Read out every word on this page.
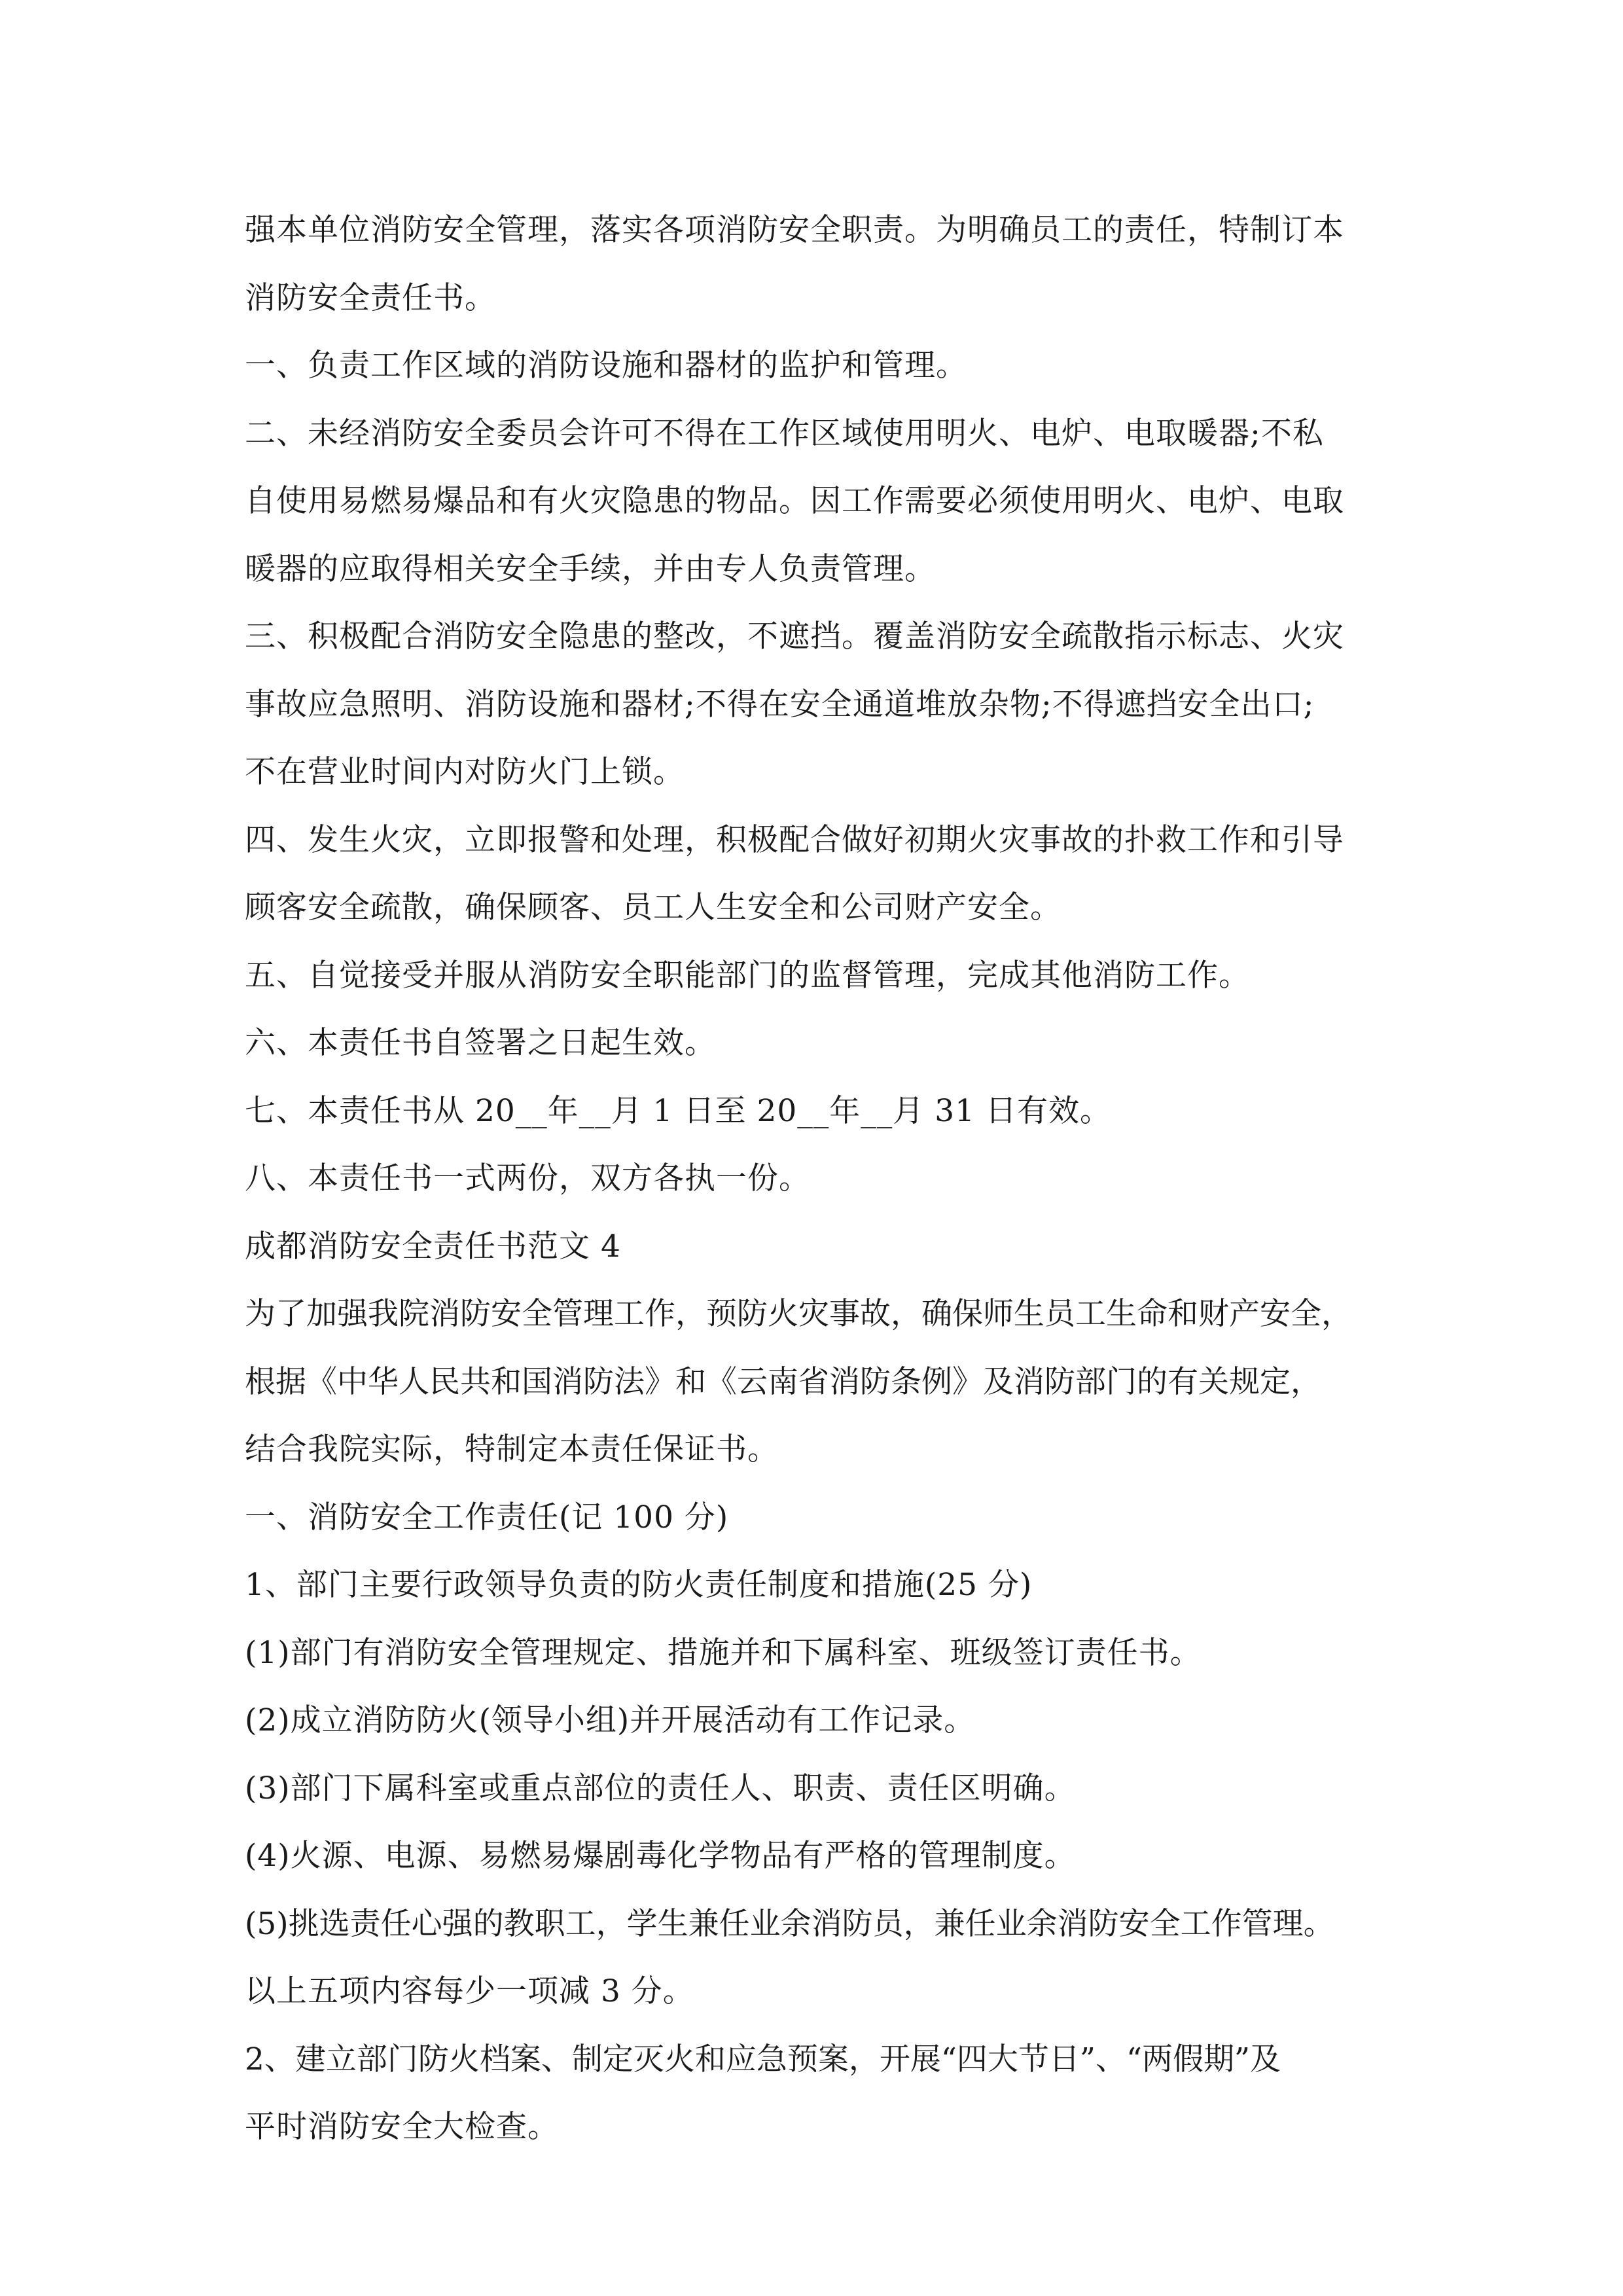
强本单位消防安全管理，落实各项消防安全职责。为明确员工的责任，特制订本
消防安全责任书。
一、负责工作区域的消防设施和器材的监护和管理。
二、未经消防安全委员会许可不得在工作区域使用明火、电炉、电取暖器;不私
自使用易燃易爆品和有火灾隐患的物品。因工作需要必须使用明火、电炉、电取
暖器的应取得相关安全手续，并由专人负责管理。
三、积极配合消防安全隐患的整改，不遮挡。覆盖消防安全疏散指示标志、火灾
事故应急照明、消防设施和器材;不得在安全通道堆放杂物;不得遮挡安全出口;
不在营业时间内对防火门上锁。
四、发生火灾，立即报警和处理，积极配合做好初期火灾事故的扑救工作和引导
顾客安全疏散，确保顾客、员工人生安全和公司财产安全。
五、自觉接受并服从消防安全职能部门的监督管理，完成其他消防工作。
六、本责任书自签署之日起生效。
七、本责任书从 20__年__月 1 日至 20__年__月 31 日有效。
八、本责任书一式两份，双方各执一份。
成都消防安全责任书范文 4
为了加强我院消防安全管理工作，预防火灾事故，确保师生员工生命和财产安全，
根据《中华人民共和国消防法》和《云南省消防条例》及消防部门的有关规定，
结合我院实际，特制定本责任保证书。
一、消防安全工作责任(记 100 分)
1、部门主要行政领导负责的防火责任制度和措施(25 分)
(1)部门有消防安全管理规定、措施并和下属科室、班级签订责任书。
(2)成立消防防火(领导小组)并开展活动有工作记录。
(3)部门下属科室或重点部位的责任人、职责、责任区明确。
(4)火源、电源、易燃易爆剧毒化学物品有严格的管理制度。
(5)挑选责任心强的教职工，学生兼任业余消防员，兼任业余消防安全工作管理。
以上五项内容每少一项减 3 分。
2、建立部门防火档案、制定灭火和应急预案，开展“四大节日”、“两假期”及
平时消防安全大检查。
